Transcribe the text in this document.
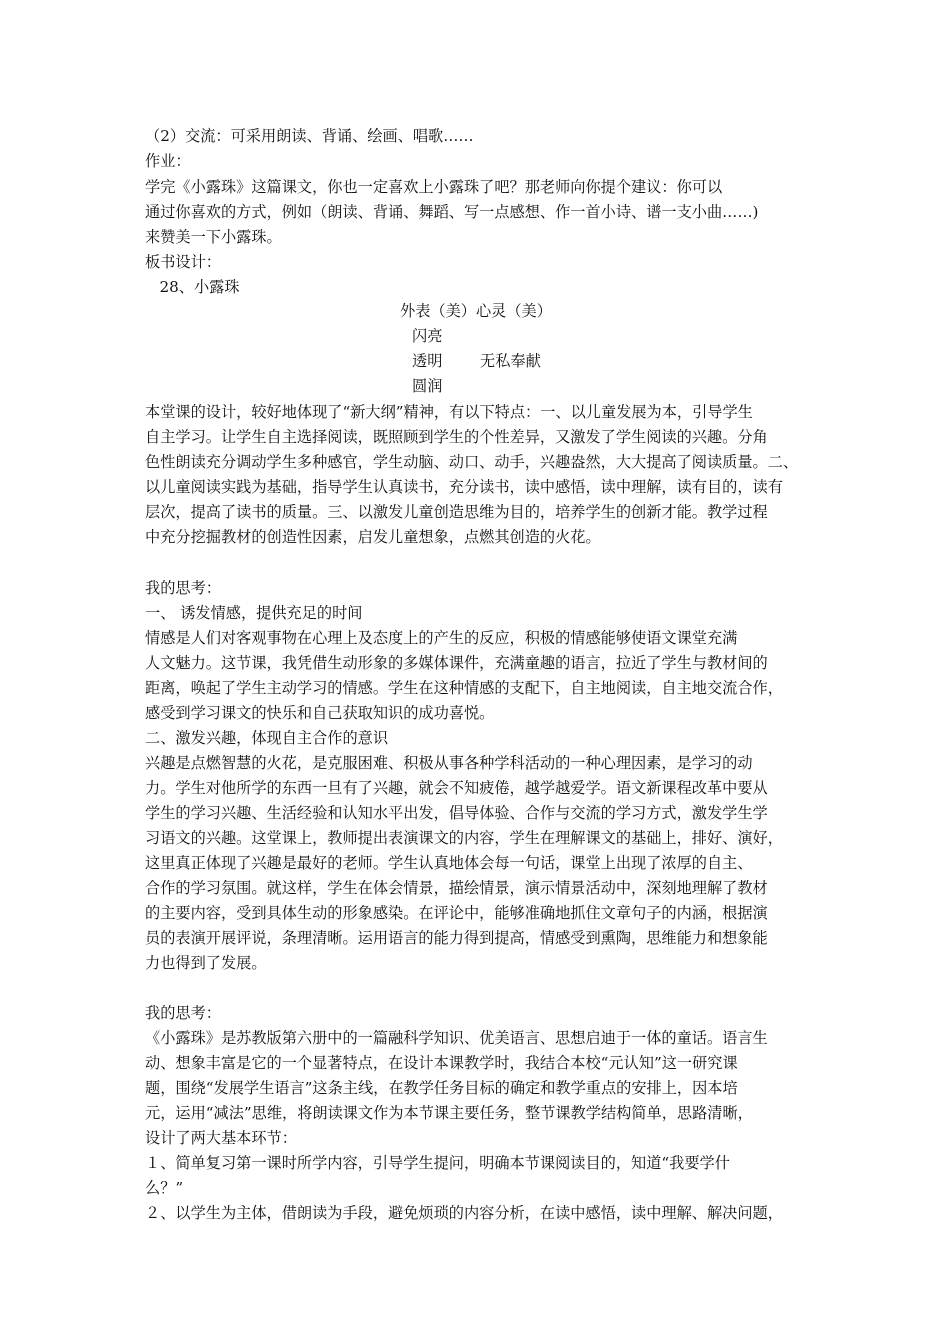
（2）交流：可采用朗读、背诵、绘画、唱歌……
作业：
学完《小露珠》这篇课文，你也一定喜欢上小露珠了吧？那老师向你提个建议：你可以
通过你喜欢的方式，例如（朗读、背诵、舞蹈、写一点感想、作一首小诗、谱一支小曲……)
来赞美一下小露珠。
板书设计：
28、小露珠
外表（美）心灵（美）
闪亮
透明 无私奉献
圆润
本堂课的设计，较好地体现了“新大纲”精神，有以下特点：一、以儿童发展为本，引导学生
自主学习。让学生自主选择阅读，既照顾到学生的个性差异，又激发了学生阅读的兴趣。分角
色性朗读充分调动学生多种感官，学生动脑、动口、动手，兴趣盎然，大大提高了阅读质量。二、
以儿童阅读实践为基础，指导学生认真读书，充分读书，读中感悟，读中理解，读有目的，读有
层次，提高了读书的质量。三、以激发儿童创造思维为目的，培养学生的创新才能。教学过程
中充分挖掘教材的创造性因素，启发儿童想象，点燃其创造的火花。
我的思考：
一、 诱发情感，提供充足的时间
情感是人们对客观事物在心理上及态度上的产生的反应，积极的情感能够使语文课堂充满
人文魅力。这节课，我凭借生动形象的多媒体课件，充满童趣的语言，拉近了学生与教材间的
距离，唤起了学生主动学习的情感。学生在这种情感的支配下，自主地阅读，自主地交流合作，
感受到学习课文的快乐和自己获取知识的成功喜悦。
二、激发兴趣，体现自主合作的意识
兴趣是点燃智慧的火花，是克服困难、积极从事各种学科活动的一种心理因素，是学习的动
力。学生对他所学的东西一旦有了兴趣，就会不知疲倦，越学越爱学。语文新课程改革中要从
学生的学习兴趣、生活经验和认知水平出发，倡导体验、合作与交流的学习方式，激发学生学
习语文的兴趣。这堂课上，教师提出表演课文的内容，学生在理解课文的基础上，排好、演好，
这里真正体现了兴趣是最好的老师。学生认真地体会每一句话，课堂上出现了浓厚的自主、
合作的学习氛围。就这样，学生在体会情景，描绘情景，演示情景活动中，深刻地理解了教材
的主要内容，受到具体生动的形象感染。在评论中，能够准确地抓住文章句子的内涵，根据演
员的表演开展评说，条理清晰。运用语言的能力得到提高，情感受到熏陶，思维能力和想象能
力也得到了发展。
我的思考：
《小露珠》是苏教版第六册中的一篇融科学知识、优美语言、思想启迪于一体的童话。语言生
动、想象丰富是它的一个显著特点，在设计本课教学时，我结合本校“元认知”这一研究课
题，围绕“发展学生语言”这条主线，在教学任务目标的确定和教学重点的安排上，因本培
元，运用“减法”思维，将朗读课文作为本节课主要任务，整节课教学结构简单，思路清晰，
设计了两大基本环节：
１、简单复习第一课时所学内容，引导学生提问，明确本节课阅读目的，知道“我要学什
么？”
２、以学生为主体，借朗读为手段，避免烦琐的内容分析，在读中感悟，读中理解、解决问题，
